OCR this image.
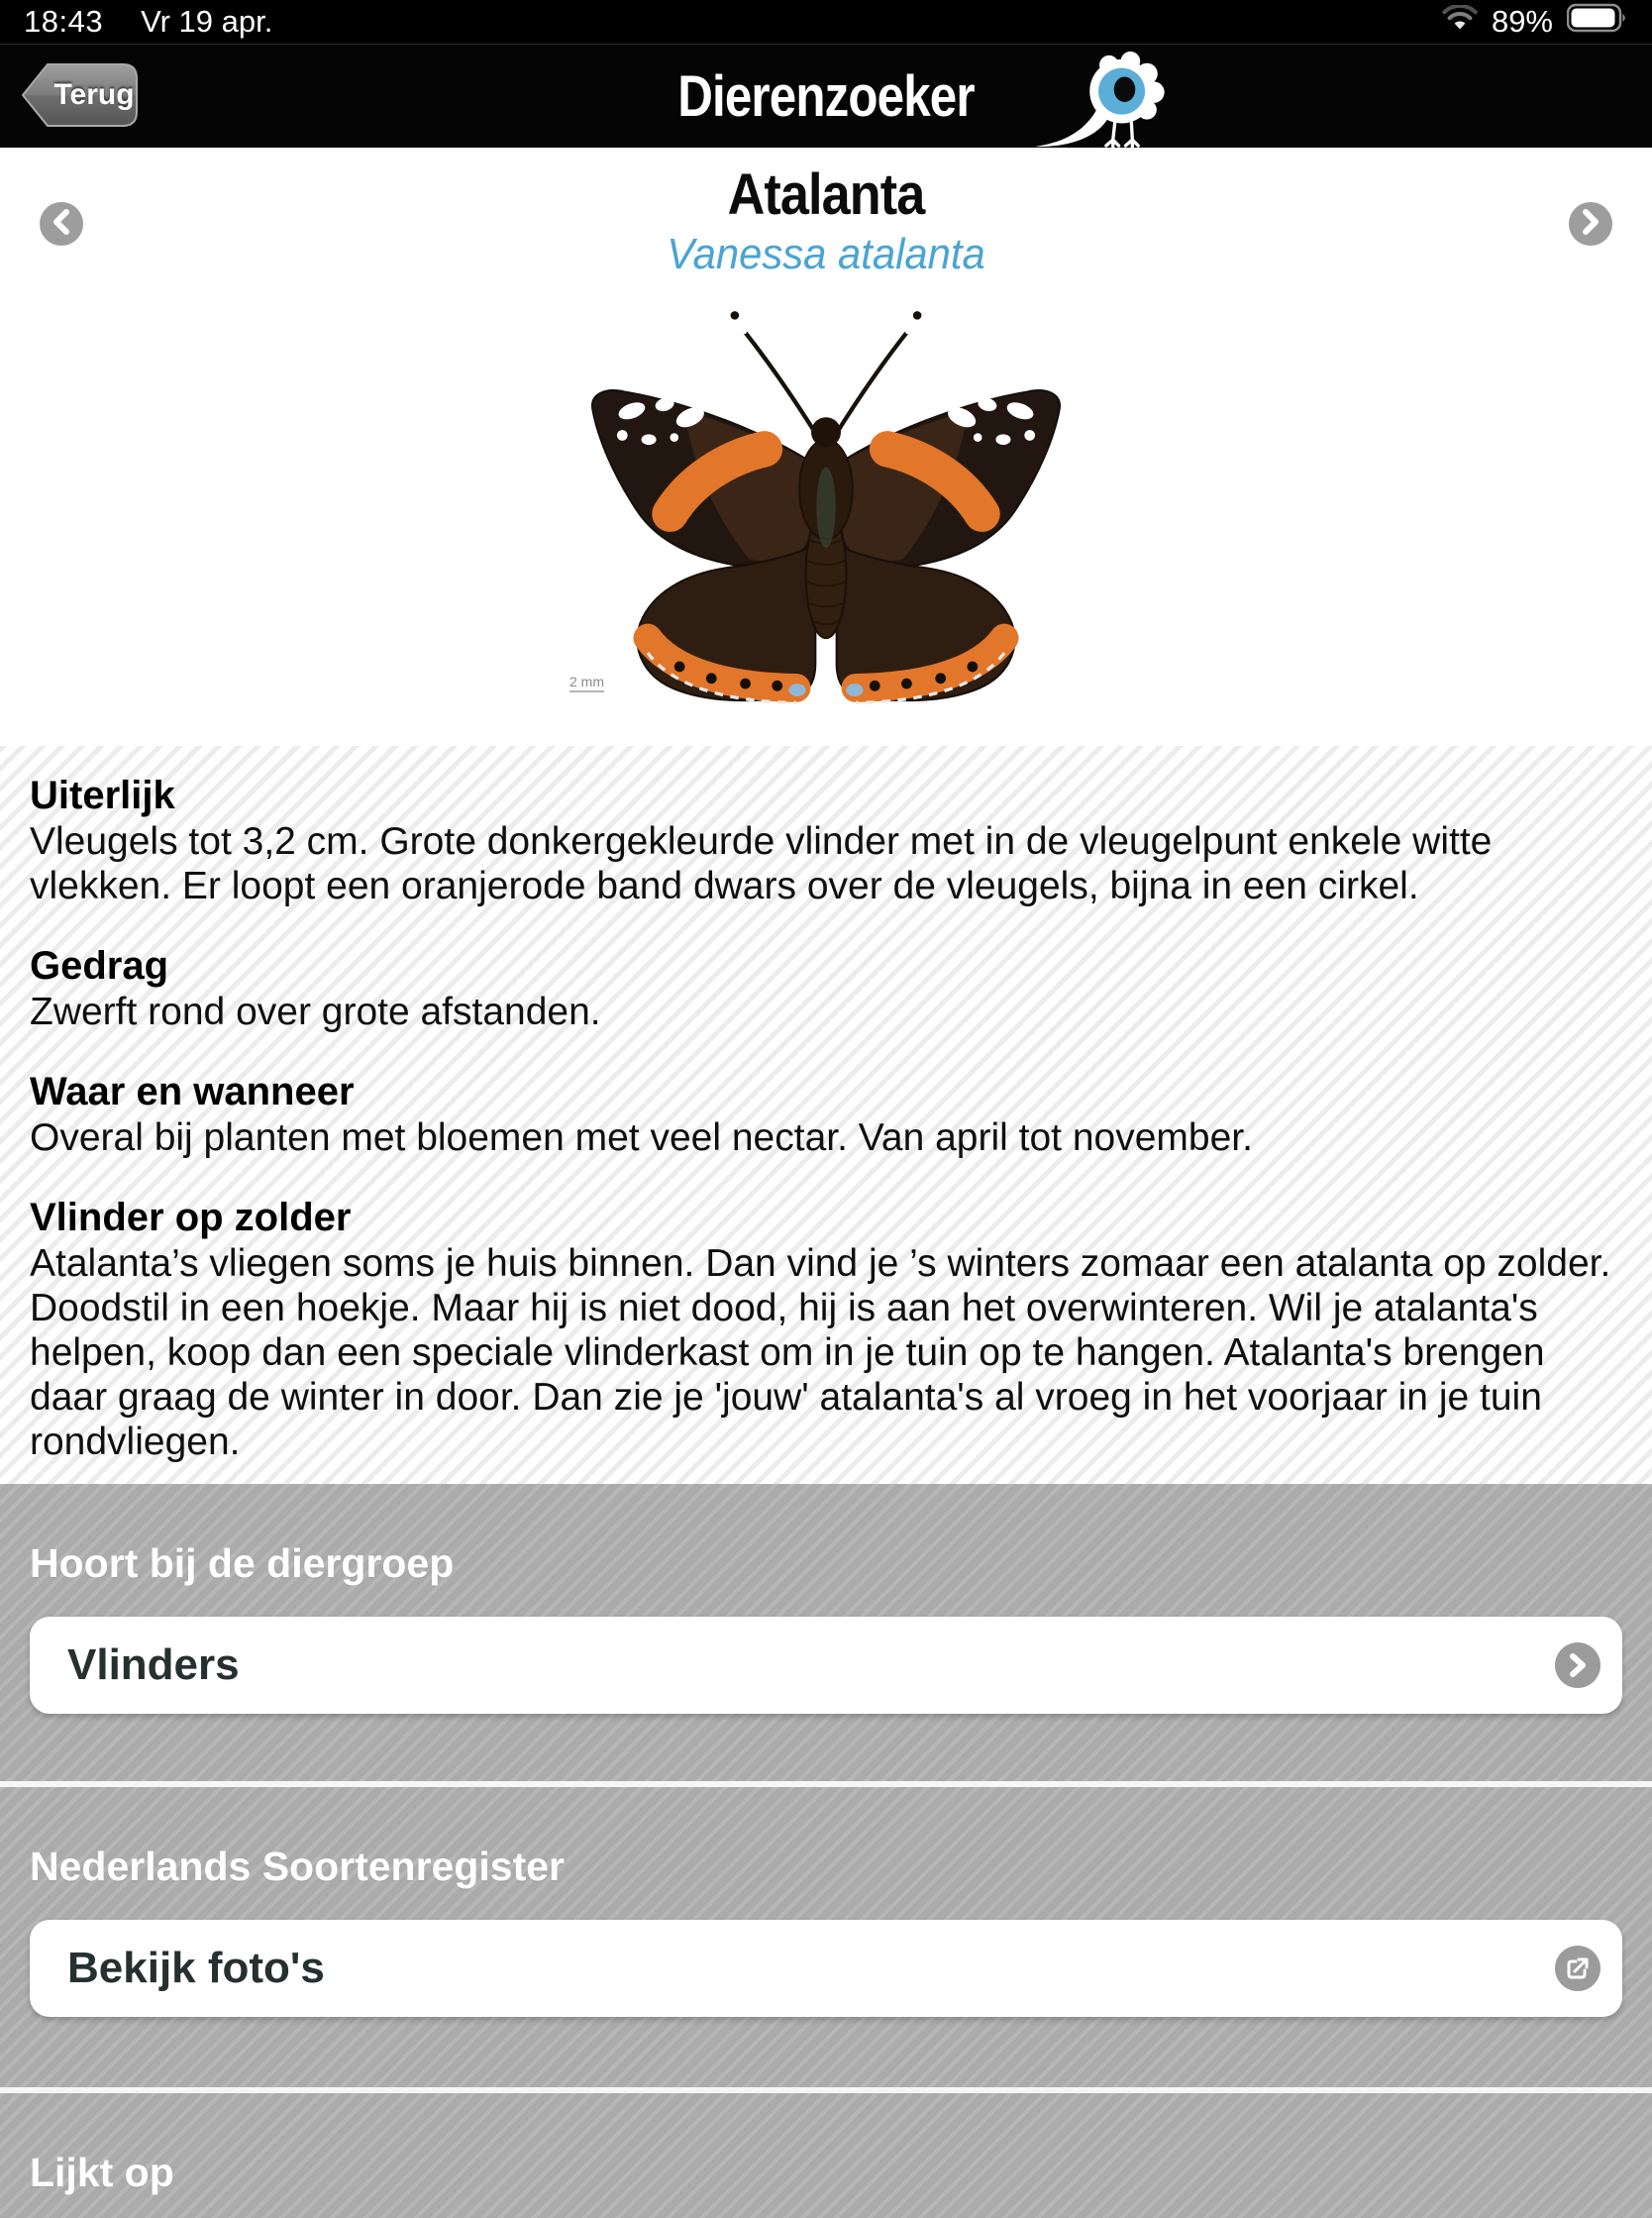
18:43 Vr 19 apr.	89%
Terug	Dierenzoeker
Atalanta
Vanessa atalanta
2 mm
Uiterlijk

Vleugels tot 3,2 cm. Grote donkergekleurde vlinder met in de vleugelpunt enkele witte vlekken. Er loopt een oranjerode band dwars over de vleugels, bijna in een cirkel.

Gedrag

Zwerft rond over grote afstanden.

Waar en wanneer

Overal bij planten met bloemen met veel nectar. Van april tot november.

Vlinder op zolder

Atalanta’s vliegen soms je huis binnen. Dan vind je ’s winters zomaar een atalanta op zolder. Doodstil in een hoekje. Maar hij is niet dood, hij is aan het overwinteren. Wil je atalanta's helpen, koop dan een speciale vlinderkast om in je tuin op te hangen. Atalanta's brengen daar graag de winter in door. Dan zie je 'jouw' atalanta's al vroeg in het voorjaar in je tuin rondvliegen.

Hoort bij de diergroep
Vlinders
Nederlands Soortenregister
Bekijk foto's
Lijkt op
